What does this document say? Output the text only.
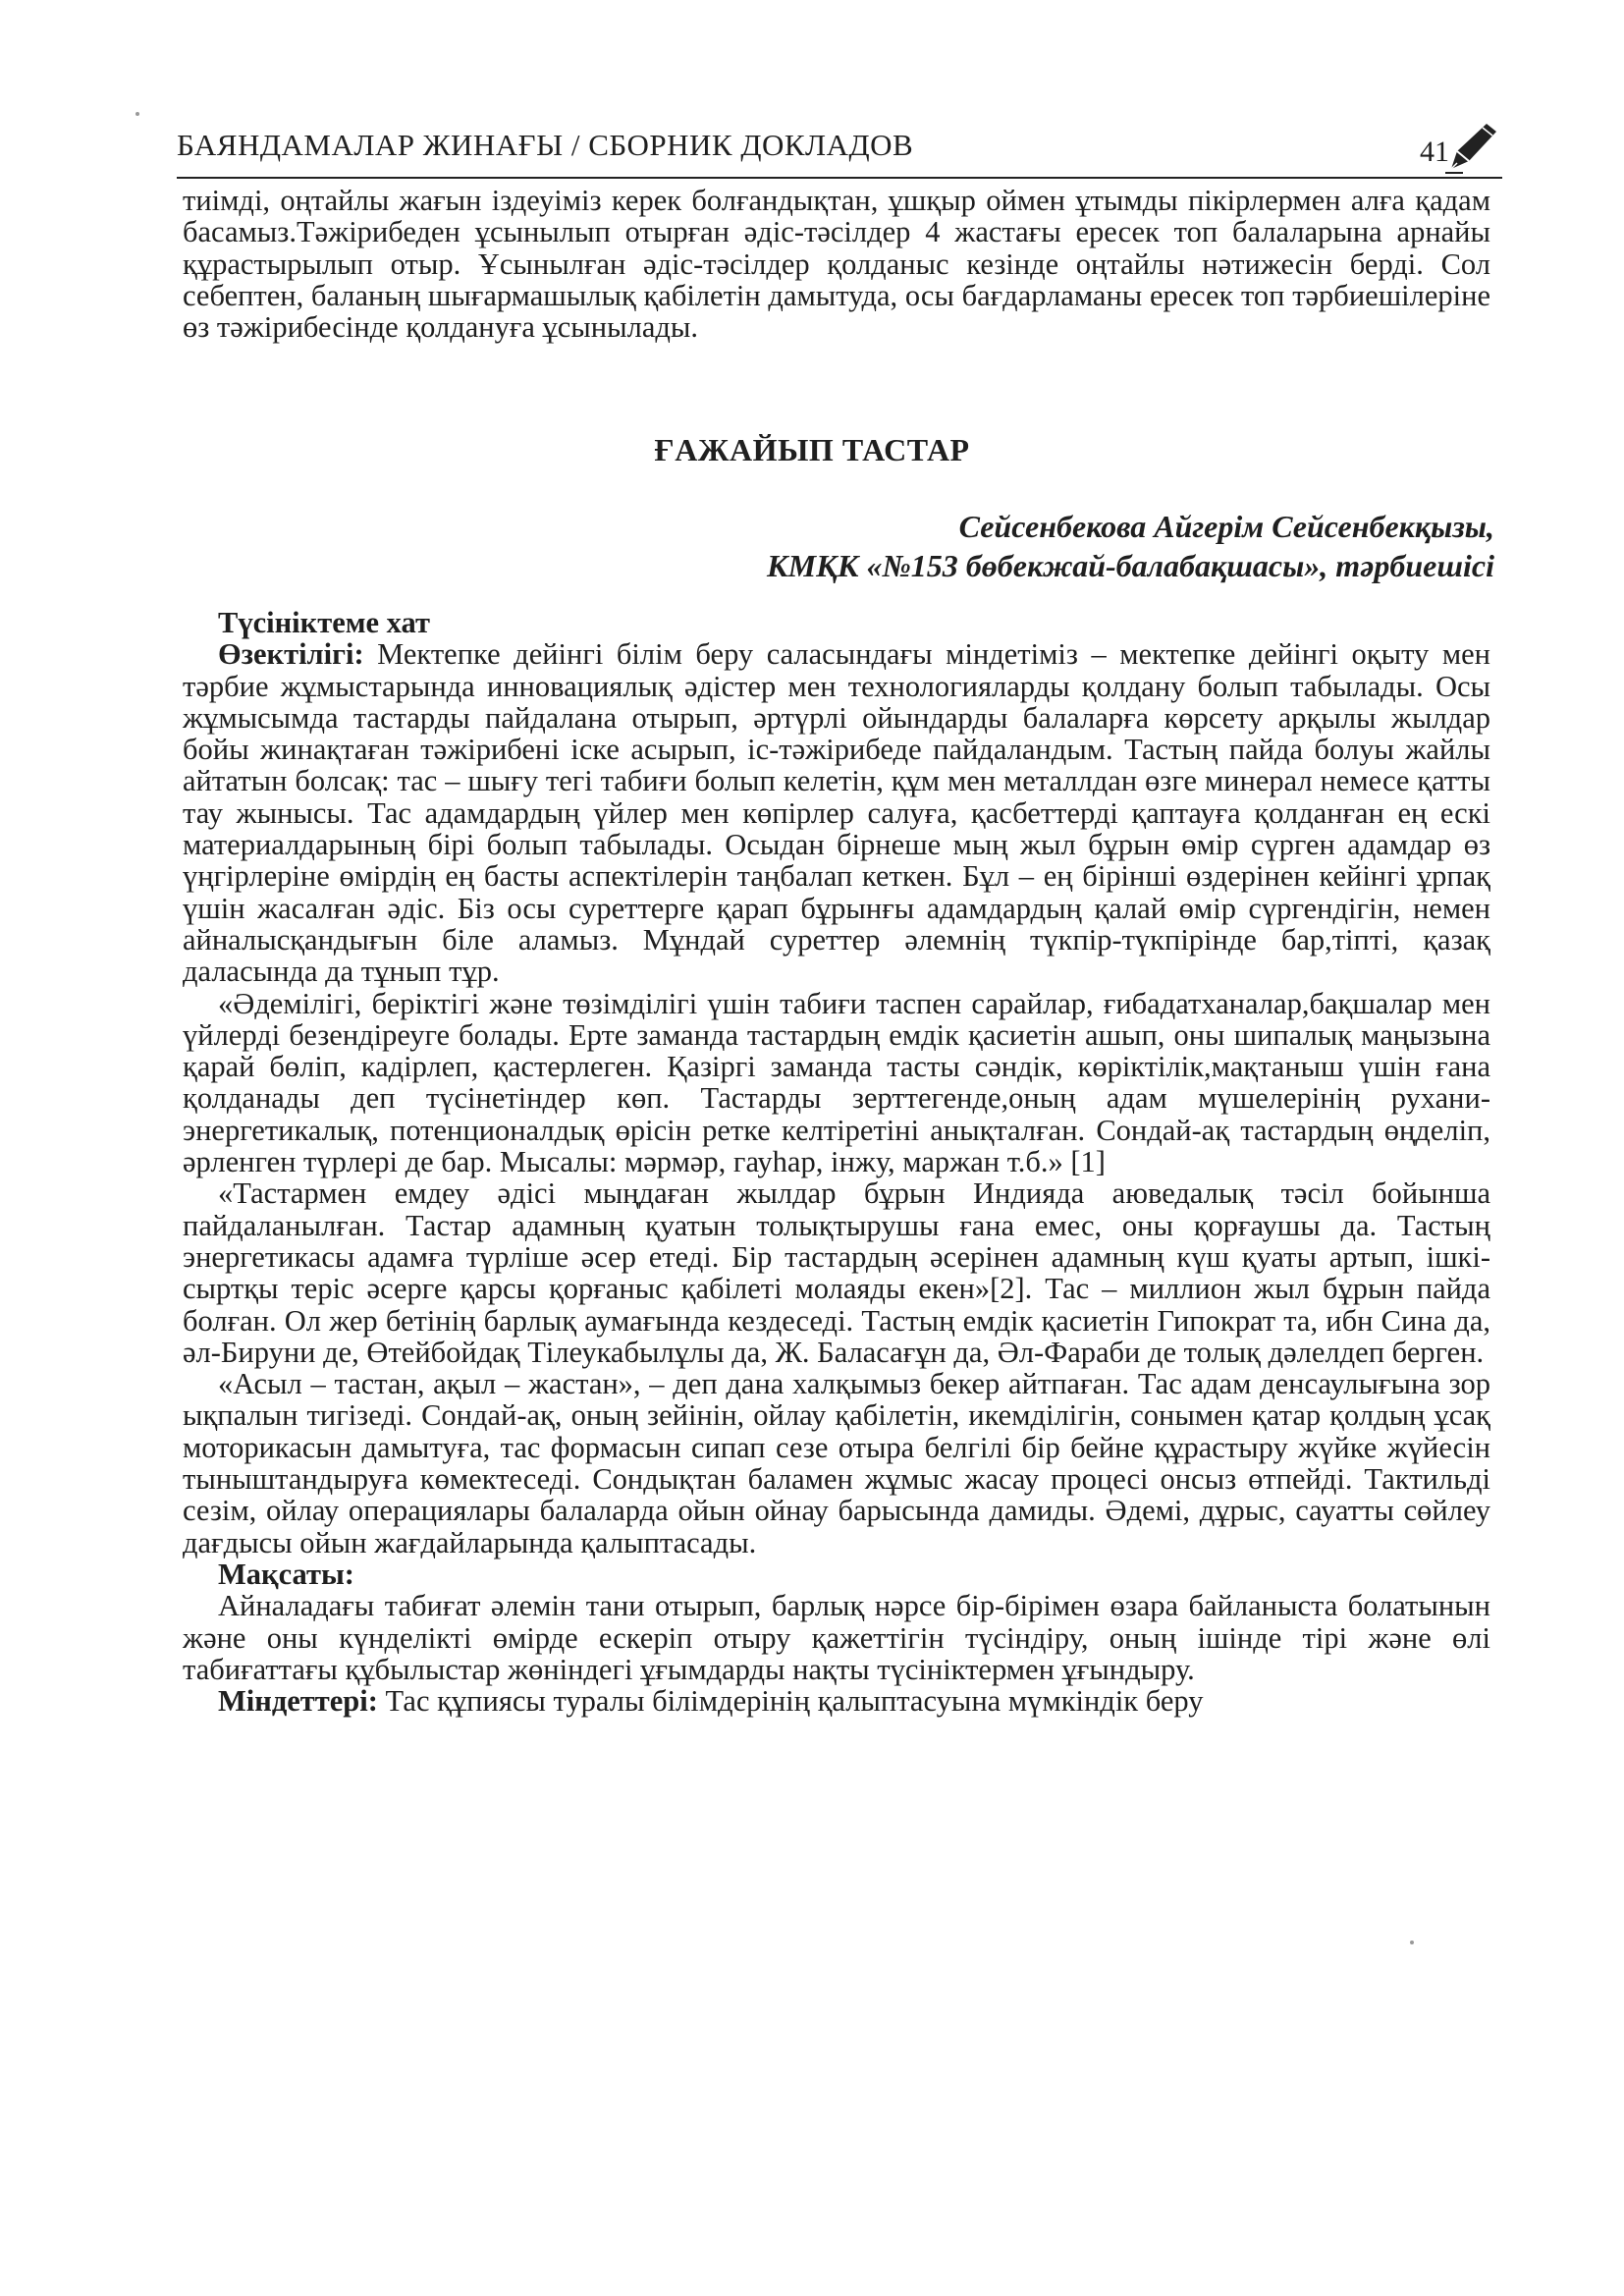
БАЯНДАМАЛАР ЖИНАҒЫ / СБОРНИК ДОКЛАДОВ	41

тиімді, оңтайлы жағын іздеуіміз керек болғандықтан, ұшқыр оймен ұтымды пікірлермен алға қадам басамыз.Тәжірибеден ұсынылып отырған әдіс-тәсілдер 4 жастағы ересек топ балаларына арнайы құрастырылып отыр. Ұсынылған әдіс-тәсілдер қолданыс кезінде оңтайлы нәтижесін берді. Сол себептен, баланың шығармашылық қабілетін дамытуда, осы бағдарламаны ересек топ тәрбиешілеріне өз тәжірибесінде қолдануға ұсынылады.

ҒАЖАЙЫП ТАСТАР
Сейсенбекова Айгерім Сейсенбекқызы,
КМҚК «№153 бөбекжай-балабақшасы», тәрбиешісі

Түсініктеме хат

Өзектілігі: Мектепке дейінгі білім беру саласындағы міндетіміз – мектепке дейінгі оқыту мен тәрбие жұмыстарында инновациялық әдістер мен технологияларды қолдану болып табылады. Осы жұмысымда тастарды пайдалана отырып, әртүрлі ойындарды балаларға көрсету арқылы жылдар бойы жинақтаған тәжірибені іске асырып, іс-тәжірибеде пайдаландым. Тастың пайда болуы жайлы айтатын болсақ: тас – шығу тегі табиғи болып келетін, құм мен металлдан өзге минерал немесе қатты тау жынысы. Тас адамдардың үйлер мен көпірлер салуға, қасбеттерді қаптауға қолданған ең ескі материалдарының бірі болып табылады. Осыдан бірнеше мың жыл бұрын өмір сүрген адамдар өз үңгірлеріне өмірдің ең басты аспектілерін таңбалап кеткен. Бұл – ең бірінші өздерінен кейінгі ұрпақ үшін жасалған әдіс. Біз осы суреттерге қарап бұрынғы адамдардың қалай өмір сүргендігін, немен айналысқандығын біле аламыз. Мұндай суреттер әлемнің түкпір-түкпірінде бар,тіпті, қазақ даласында да тұнып тұр.

«Әдемілігі, беріктігі және төзімділігі үшін табиғи таспен сарайлар, ғибадатханалар,бақшалар мен үйлерді безендіреуге болады. Ерте заманда тастардың емдік қасиетін ашып, оны шипалық маңызына қарай бөліп, кадірлеп, қастерлеген. Қазіргі заманда тасты сәндік, көріктілік,мақтаныш үшін ғана қолданады деп түсінетіндер көп. Тастарды зерттегенде,оның адам мүшелерінің рухани-энергетикалық, потенционалдық өрісін ретке келтіретіні анықталған. Сондай-ақ тастардың өңделіп, әрленген түрлері де бар. Мысалы: мәрмәр, гауһар, інжу, маржан т.б.» [1]

«Тастармен емдеу әдісі мыңдаған жылдар бұрын Индияда аюведалық тәсіл бойынша пайдаланылған. Тастар адамның қуатын толықтырушы ғана емес, оны қорғаушы да. Тастың энергетикасы адамға түрліше әсер етеді. Бір тастардың әсерінен адамның күш қуаты артып, ішкі-сыртқы теріс әсерге қарсы қорғаныс қабілеті молаяды екен»[2]. Тас – миллион жыл бұрын пайда болған. Ол жер бетінің барлық аумағында кездеседі. Тастың емдік қасиетін Гипократ та, ибн Сина да, әл-Бируни де, Өтейбойдақ Тілеукабылұлы да, Ж. Баласағұн да, Әл-Фараби де толық дәлелдеп берген.

«Асыл – тастан, ақыл – жастан», – деп дана халқымыз бекер айтпаған. Тас адам денсаулығына зор ықпалын тигізеді. Сондай-ақ, оның зейінін, ойлау қабілетін, икемділігін, сонымен қатар қолдың ұсақ моторикасын дамытуға, тас формасын сипап сезе отыра белгілі бір бейне құрастыру жүйке жүйесін тыныштандыруға көмектеседі. Сондықтан баламен жұмыс жасау процесі онсыз өтпейді. Тактильді сезім, ойлау операциялары балаларда ойын ойнау барысында дамиды. Әдемі, дұрыс, сауатты сөйлеу дағдысы ойын жағдайларында қалыптасады.

Мақсаты:

Айналадағы табиғат әлемін тани отырып, барлық нәрсе бір-бірімен өзара байланыста болатынын және оны күнделікті өмірде ескеріп отыру қажеттігін түсіндіру, оның ішінде тірі және өлі табиғаттағы құбылыстар жөніндегі ұғымдарды нақты түсініктермен ұғындыру.

Міндеттері: Тас құпиясы туралы білімдерінің қалыптасуына мүмкіндік беру
